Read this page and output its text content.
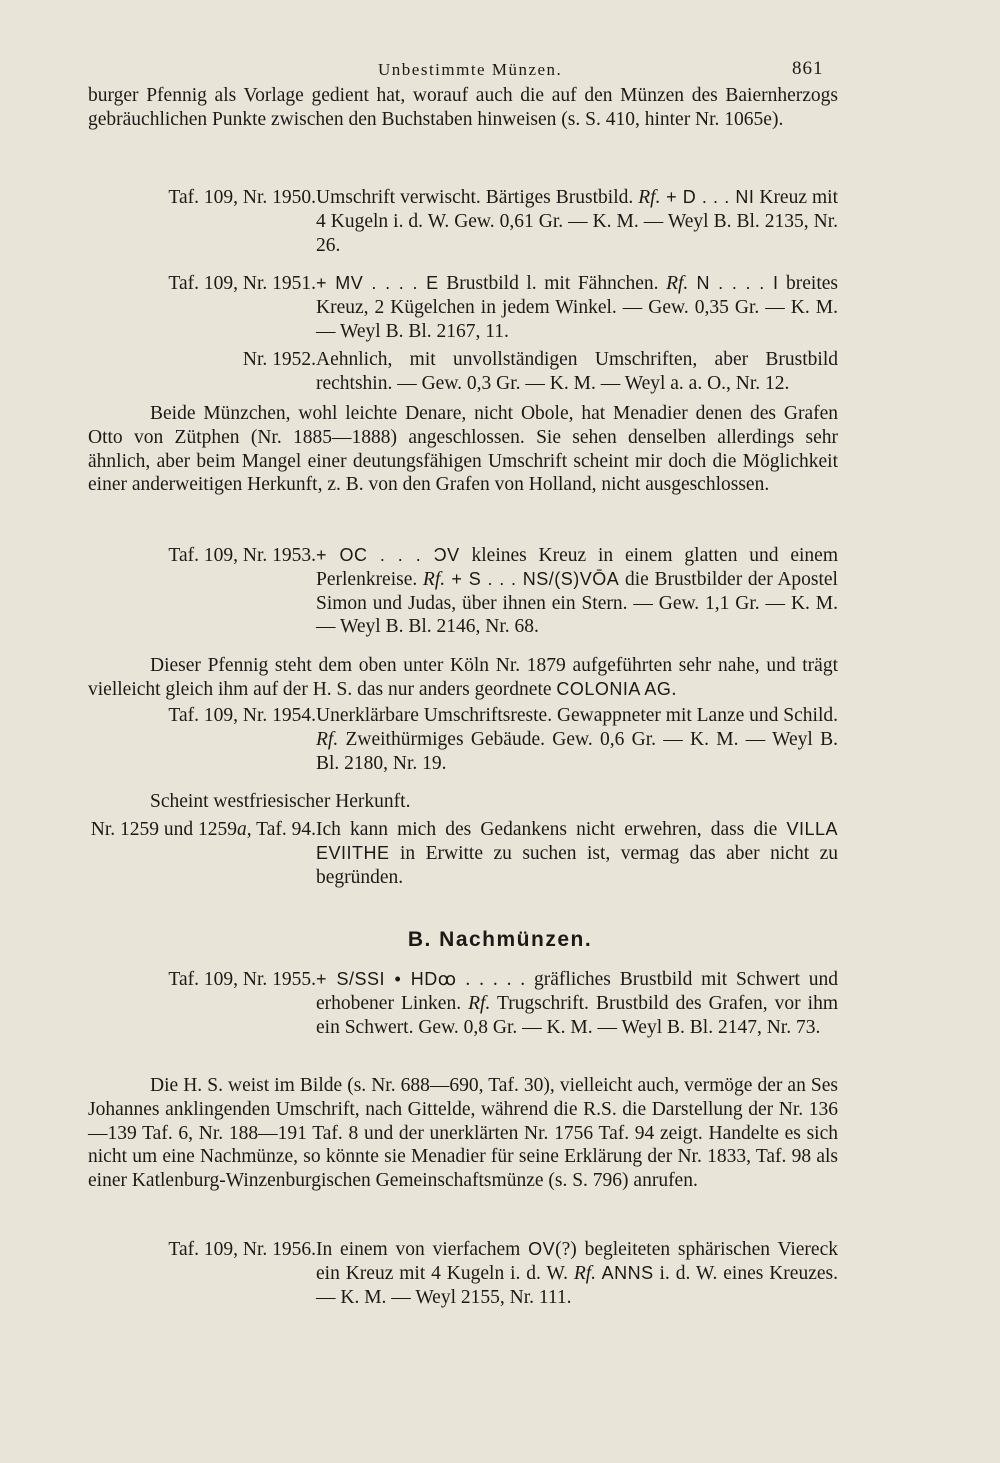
Unbestimmte Münzen.	861

burger Pfennig als Vorlage gedient hat, worauf auch die auf den Münzen des Baiernherzogs gebräuchlichen Punkte zwischen den Buchstaben hinweisen (s. S. 410, hinter Nr. 1065e).

Taf. 109, Nr. 1950. Umschrift verwischt. Bärtiges Brustbild. Rf. + D . . . NI Kreuz mit 4 Kugeln i. d. W. Gew. 0,61 Gr. — K. M. — Weyl B. Bl. 2135, Nr. 26.
Taf. 109, Nr. 1951. + MV . . . . E Brustbild l. mit Fähnchen. Rf. N . . . . I breites Kreuz, 2 Kügelchen in jedem Winkel. — Gew. 0,35 Gr. — K. M. — Weyl B. Bl. 2167, 11.
Nr. 1952. Aehnlich, mit unvollständigen Umschriften, aber Brustbild rechtshin. — Gew. 0,3 Gr. — K. M. — Weyl a. a. O., Nr. 12.

Beide Münzchen, wohl leichte Denare, nicht Obole, hat Menadier denen des Grafen Otto von Zütphen (Nr. 1885—1888) angeschlossen. Sie sehen denselben allerdings sehr ähnlich, aber beim Mangel einer deutungsfähigen Umschrift scheint mir doch die Möglichkeit einer anderweitigen Herkunft, z. B. von den Grafen von Holland, nicht ausgeschlossen.

Taf. 109, Nr. 1953. + OC . . . ϽV kleines Kreuz in einem glatten und einem Perlenkreise. Rf. + S . . . NS/(S)VŌA die Brustbilder der Apostel Simon und Judas, über ihnen ein Stern. — Gew. 1,1 Gr. — K. M. — Weyl B. Bl. 2146, Nr. 68.

Dieser Pfennig steht dem oben unter Köln Nr. 1879 aufgeführten sehr nahe, und trägt vielleicht gleich ihm auf der H. S. das nur anders geordnete COLONIA AG.

Taf. 109, Nr. 1954. Unerklärbare Umschriftsreste. Gewappneter mit Lanze und Schild. Rf. Zweithürmiges Gebäude. Gew. 0,6 Gr. — K. M. — Weyl B. Bl. 2180, Nr. 19.

Scheint westfriesischer Herkunft.

Nr. 1259 und 1259a, Taf. 94. Ich kann mich des Gedankens nicht erwehren, dass die VILLA EVIITHE in Erwitte zu suchen ist, vermag das aber nicht zu begründen.
B. Nachmünzen.
Taf. 109, Nr. 1955. + S/SSI • HDꝏ . . . . . gräfliches Brustbild mit Schwert und erhobener Linken. Rf. Trugschrift. Brustbild des Grafen, vor ihm ein Schwert. Gew. 0,8 Gr. — K. M. — Weyl B. Bl. 2147, Nr. 73.

Die H. S. weist im Bilde (s. Nr. 688—690, Taf. 30), vielleicht auch, vermöge der an Ses Johannes anklingenden Umschrift, nach Gittelde, während die R.S. die Darstellung der Nr. 136—139 Taf. 6, Nr. 188—191 Taf. 8 und der unerklärten Nr. 1756 Taf. 94 zeigt. Handelte es sich nicht um eine Nachmünze, so könnte sie Menadier für seine Erklärung der Nr. 1833, Taf. 98 als einer Katlenburg-Winzenburgischen Gemeinschaftsmünze (s. S. 796) anrufen.

Taf. 109, Nr. 1956. In einem von vierfachem OV(?) begleiteten sphärischen Viereck ein Kreuz mit 4 Kugeln i. d. W. Rf. ANNS i. d. W. eines Kreuzes. — K. M. — Weyl 2155, Nr. 111.
